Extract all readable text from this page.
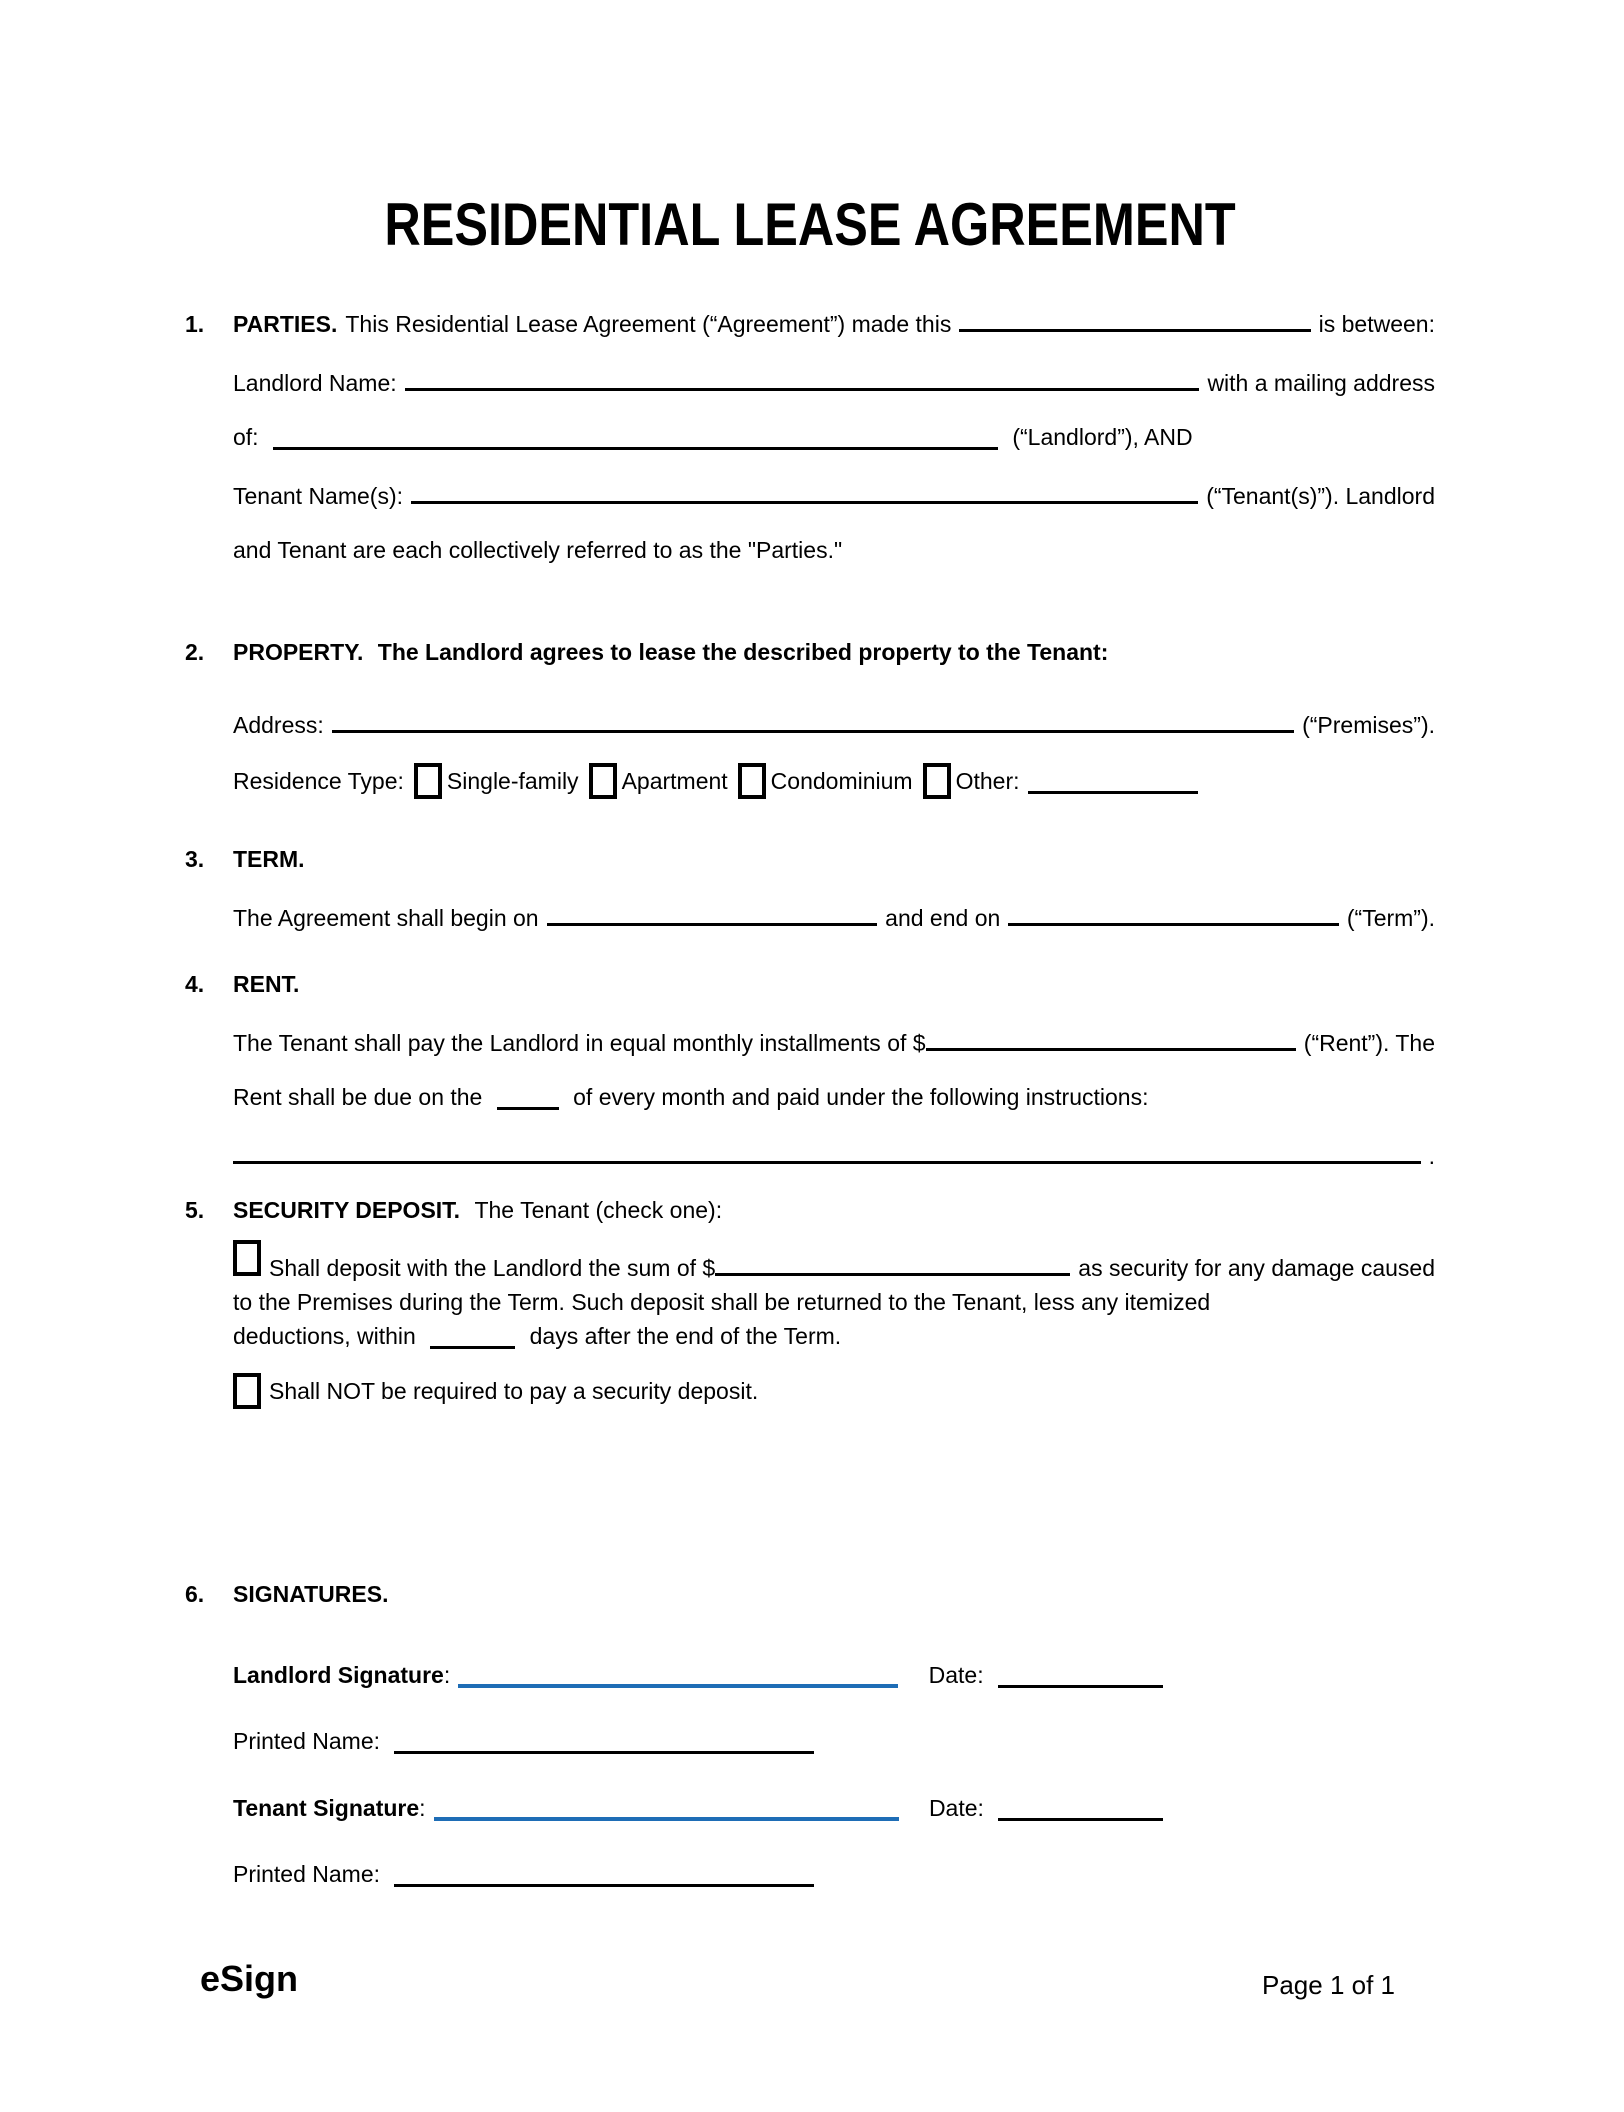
RESIDENTIAL LEASE AGREEMENT
1.	PARTIES. This Residential Lease Agreement (“Agreement”) made this	is between:
Landlord Name:	with a mailing address
of:	(“Landlord”), AND
Tenant Name(s):	(“Tenant(s)”). Landlord
and Tenant are each collectively referred to as the "Parties."
2. PROPERTY. The Landlord agrees to lease the described property to the Tenant:
Address:	(“Premises”).
Residence Type: Single-family Apartment Condominium Other:
3. TERM.
The Agreement shall begin on	and end on	(“Term”).
4. RENT.
The Tenant shall pay the Landlord in equal monthly installments of $	(“Rent”). The
Rent shall be due on the	of every month and paid under the following instructions:
.
5. SECURITY DEPOSIT. The Tenant (check one):
Shall deposit with the Landlord the sum of $	as security for any damage caused
to the Premises during the Term. Such deposit shall be returned to the Tenant, less any itemized
deductions, within	days after the end of the Term.
Shall NOT be required to pay a security deposit.
6. SIGNATURES.
Landlord Signature:	Date:
Printed Name:
Tenant Signature:	Date:
Printed Name:
eSign	Page 1 of 1
